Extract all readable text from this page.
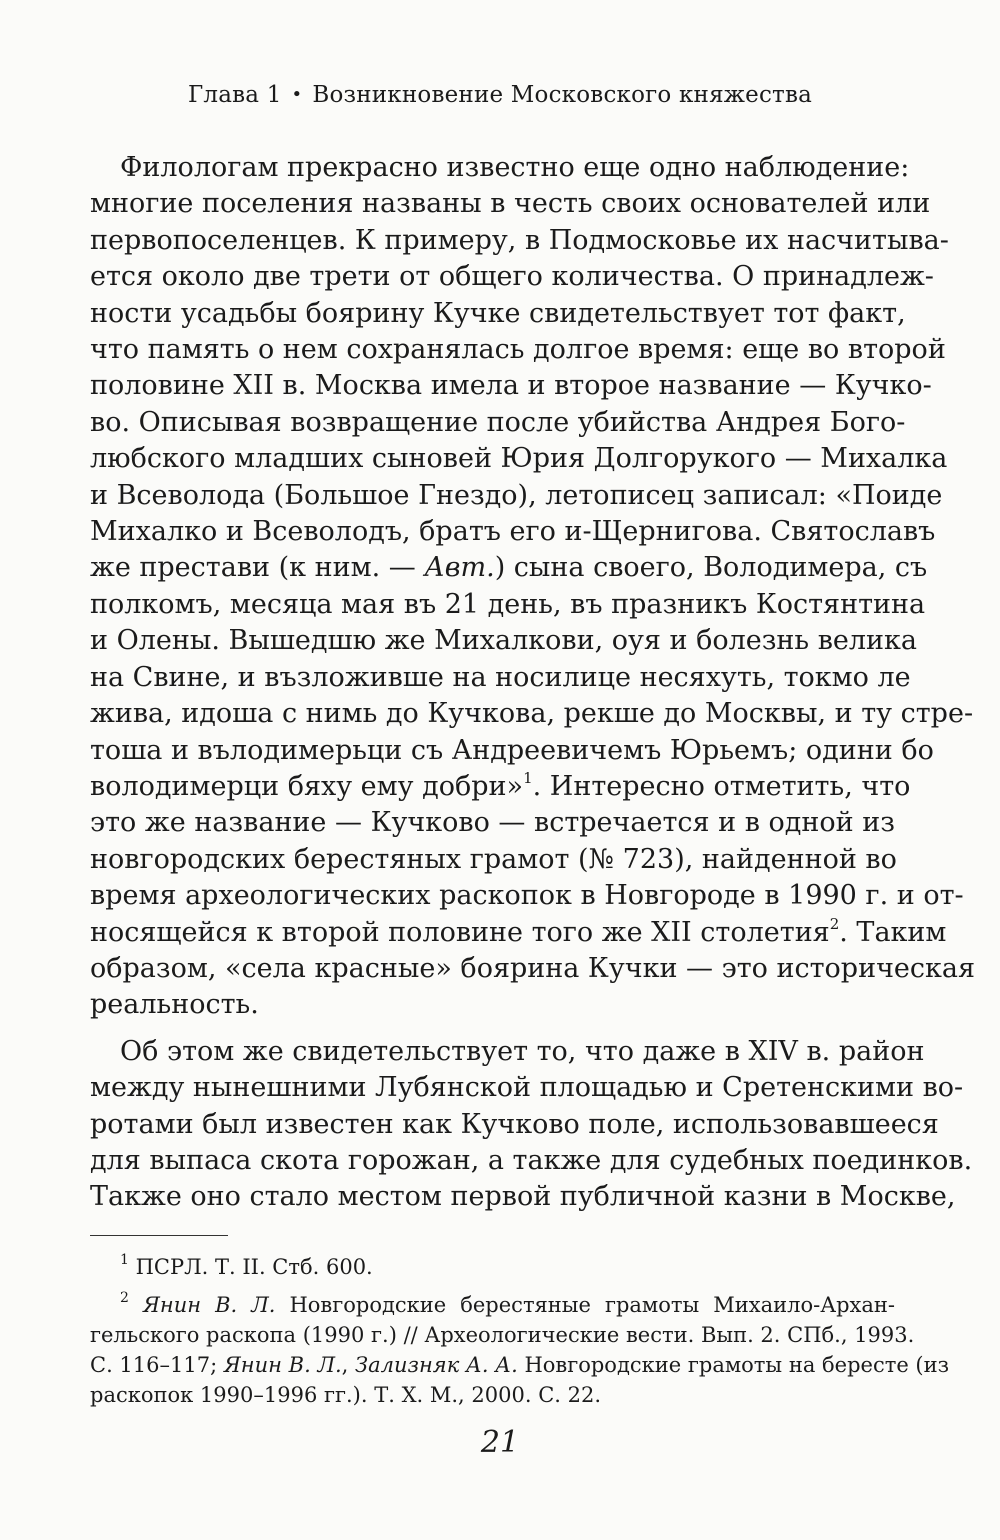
Глава 1 • Возникновение Московского княжества
Филологам прекрасно известно еще одно наблюдение:
многие поселения названы в честь своих основателей или
первопоселенцев. К примеру, в Подмосковье их насчитыва-
ется около две трети от общего количества. О принадлеж-
ности усадьбы боярину Кучке свидетельствует тот факт,
что память о нем сохранялась долгое время: еще во второй
половине XII в. Москва имела и второе название — Кучко-
во. Описывая возвращение после убийства Андрея Бого-
любского младших сыновей Юрия Долгорукого — Михалка
и Всеволода (Большое Гнездо), летописец записал: «Поиде
Михалко и Всеволодъ, братъ его и-Щернигова. Святославъ
же престави (к ним. — Авт.) сына своего, Володимера, съ
полкомъ, месяца мая въ 21 день, въ празникъ Костянтина
и Олены. Вышедшю же Михалкови, оуя и болезнь велика
на Свине, и възложивше на носилице несяхуть, токмо ле
жива, идоша с нимь до Кучкова, рекше до Москвы, и ту стре-
тоша и вълодимерьци съ Андреевичемъ Юрьемъ; одини бо
володимерци бяху ему добри»$^1$. Интересно отметить, что
это же название — Кучково — встречается и в одной из
новгородских берестяных грамот (№ 723), найденной во
время археологических раскопок в Новгороде в 1990 г. и от-
носящейся к второй половине того же XII столетия$^2$. Таким
образом, «села красные» боярина Кучки — это историческая
реальность.
Об этом же свидетельствует то, что даже в XIV в. район
между нынешними Лубянской площадью и Сретенскими во-
ротами был известен как Кучково поле, использовавшееся
для выпаса скота горожан, а также для судебных поединков.
Также оно стало местом первой публичной казни в Москве,
$^1$ ПСРЛ. Т. II. Стб. 600.
$^2$ Янин В. Л. Новгородские берестяные грамоты Михаило-Архан-
гельского раскопа (1990 г.) // Археологические вести. Вып. 2. СПб., 1993.
С. 116–117; Янин В. Л., Зализняк А. А. Новгородские грамоты на бересте (из
раскопок 1990–1996 гг.). Т. X. М., 2000. С. 22.
21
